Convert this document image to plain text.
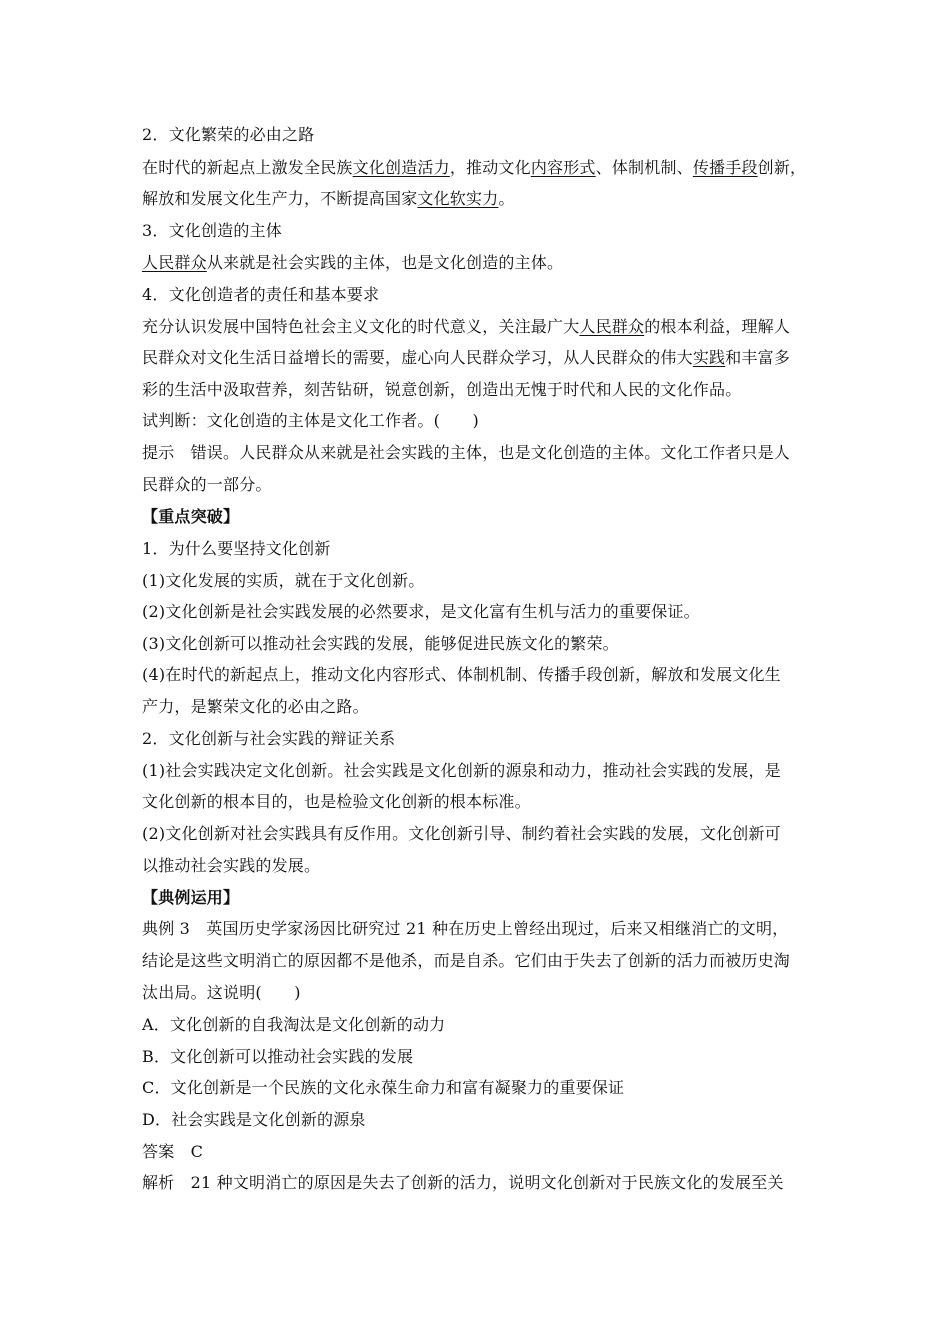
2．文化繁荣的必由之路
在时代的新起点上激发全民族文化创造活力，推动文化内容形式、体制机制、传播手段创新，
解放和发展文化生产力，不断提高国家文化软实力。
3．文化创造的主体
人民群众从来就是社会实践的主体，也是文化创造的主体。
4．文化创造者的责任和基本要求
充分认识发展中国特色社会主义文化的时代意义，关注最广大人民群众的根本利益，理解人
民群众对文化生活日益增长的需要，虚心向人民群众学习，从人民群众的伟大实践和丰富多
彩的生活中汲取营养，刻苦钻研，锐意创新，创造出无愧于时代和人民的文化作品。
试判断：文化创造的主体是文化工作者。(　　)
提示　错误。人民群众从来就是社会实践的主体，也是文化创造的主体。文化工作者只是人
民群众的一部分。
【重点突破】
1．为什么要坚持文化创新
(1)文化发展的实质，就在于文化创新。
(2)文化创新是社会实践发展的必然要求，是文化富有生机与活力的重要保证。
(3)文化创新可以推动社会实践的发展，能够促进民族文化的繁荣。
(4)在时代的新起点上，推动文化内容形式、体制机制、传播手段创新，解放和发展文化生
产力，是繁荣文化的必由之路。
2．文化创新与社会实践的辩证关系
(1)社会实践决定文化创新。社会实践是文化创新的源泉和动力，推动社会实践的发展，是
文化创新的根本目的，也是检验文化创新的根本标准。
(2)文化创新对社会实践具有反作用。文化创新引导、制约着社会实践的发展，文化创新可
以推动社会实践的发展。
【典例运用】
典例 3　英国历史学家汤因比研究过 21 种在历史上曾经出现过，后来又相继消亡的文明，
结论是这些文明消亡的原因都不是他杀，而是自杀。它们由于失去了创新的活力而被历史淘
汰出局。这说明(　　)
A．文化创新的自我淘汰是文化创新的动力
B．文化创新可以推动社会实践的发展
C．文化创新是一个民族的文化永葆生命力和富有凝聚力的重要保证
D．社会实践是文化创新的源泉
答案　C
解析　21 种文明消亡的原因是失去了创新的活力，说明文化创新对于民族文化的发展至关
